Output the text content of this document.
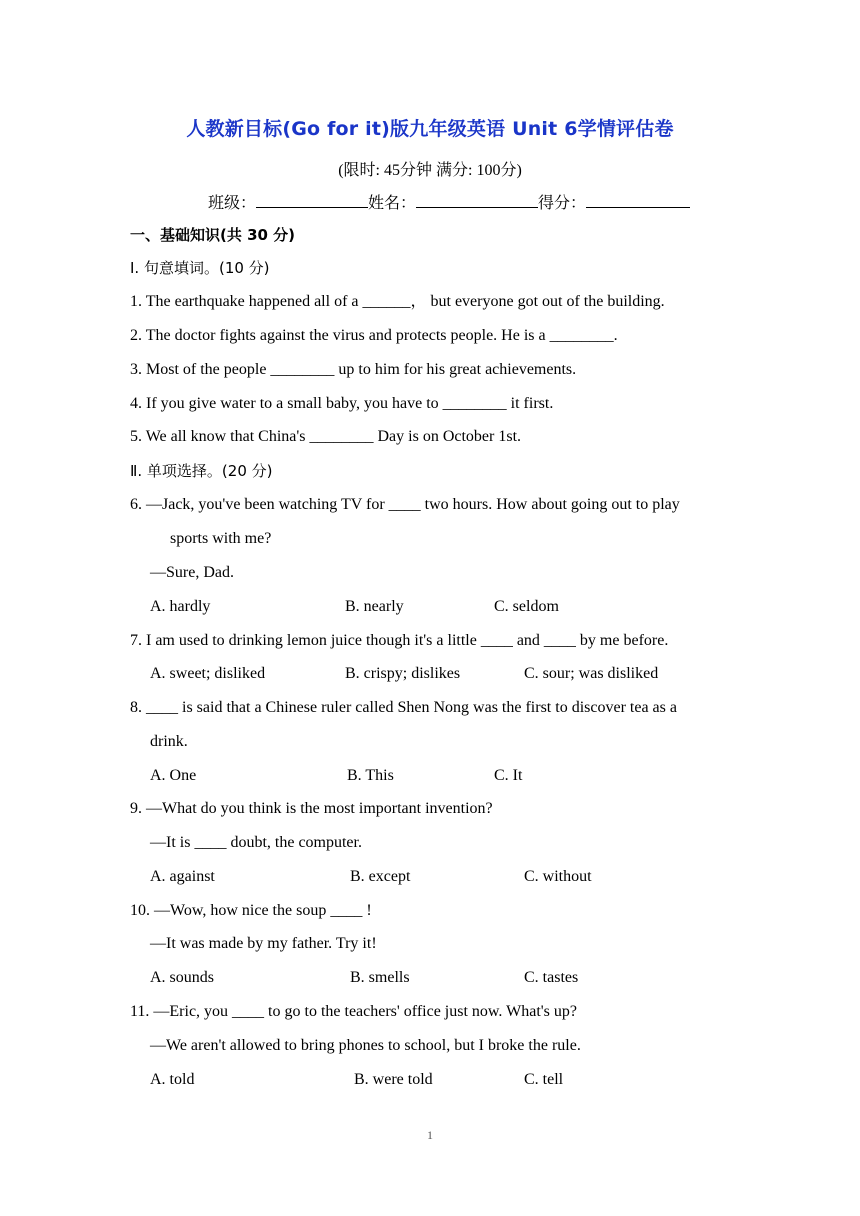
人教新目标(Go for it)版九年级英语 Unit 6学情评估卷
(限时: 45分钟 满分: 100分)
班级：	姓名：	得分：
一、基础知识(共 30 分)
I. 句意填词。(10 分)
1. The earthquake happened all of a ______， but everyone got out of the building.
2. The doctor fights against the virus and protects people. He is a ________.
3. Most of the people ________ up to him for his great achievements.
4. If you give water to a small baby, you have to ________ it first.
5. We all know that China's ________ Day is on October 1st.
Ⅱ. 单项选择。(20 分)
6. —Jack, you've been watching TV for ____ two hours. How about going out to play
sports with me?
—Sure, Dad.
A. hardly	B. nearly	C. seldom
7. I am used to drinking lemon juice though it's a little ____ and ____ by me before.
A. sweet; disliked	B. crispy; dislikes	C. sour; was disliked
8. ____ is said that a Chinese ruler called Shen Nong was the first to discover tea as a
drink.
A. One	B. This	C. It
9. —What do you think is the most important invention?
—It is ____ doubt, the computer.
A. against	B. except	C. without
10. —Wow, how nice the soup ____ !
—It was made by my father. Try it!
A. sounds	B. smells	C. tastes
11. —Eric, you ____ to go to the teachers' office just now. What's up?
—We aren't allowed to bring phones to school, but I broke the rule.
A. told	B. were told	C. tell
1
